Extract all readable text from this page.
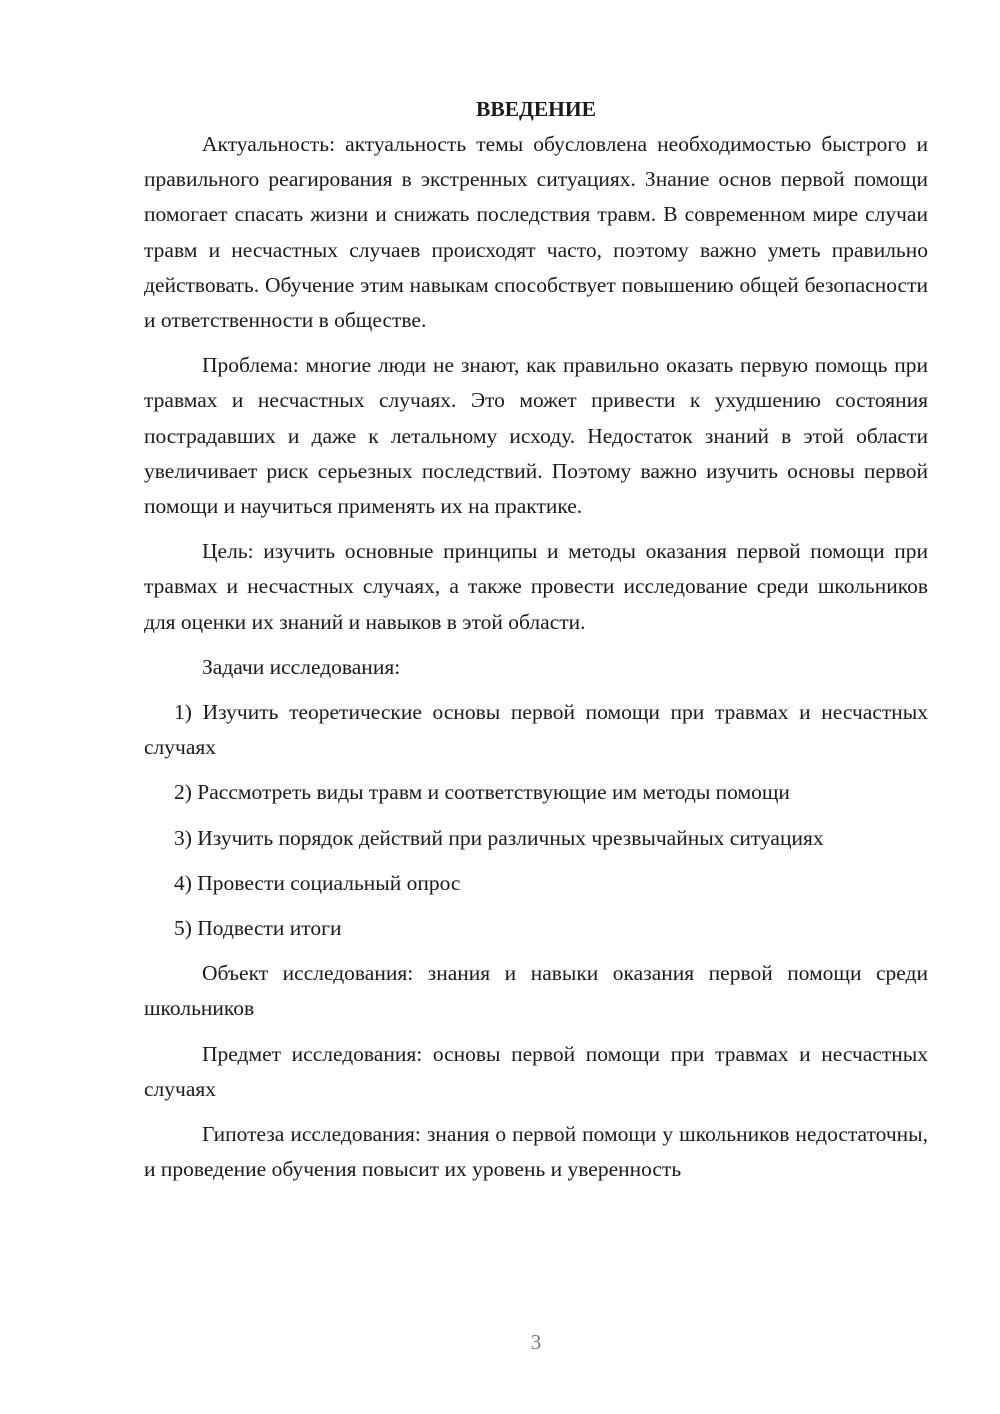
ВВЕДЕНИЕ

Актуальность: актуальность темы обусловлена необходимостью быстрого и правильного реагирования в экстренных ситуациях. Знание основ первой помощи помогает спасать жизни и снижать последствия травм. В современном мире случаи травм и несчастных случаев происходят часто, поэтому важно уметь правильно действовать. Обучение этим навыкам способствует повышению общей безопасности и ответственности в обществе.

Проблема: многие люди не знают, как правильно оказать первую помощь при травмах и несчастных случаях. Это может привести к ухудшению состояния пострадавших и даже к летальному исходу. Недостаток знаний в этой области увеличивает риск серьезных последствий. Поэтому важно изучить основы первой помощи и научиться применять их на практике.

Цель: изучить основные принципы и методы оказания первой помощи при травмах и несчастных случаях, а также провести исследование среди школьников для оценки их знаний и навыков в этой области.

Задачи исследования:

1) Изучить теоретические основы первой помощи при травмах и несчастных случаях

2) Рассмотреть виды травм и соответствующие им методы помощи

3) Изучить порядок действий при различных чрезвычайных ситуациях

4) Провести социальный опрос

5) Подвести итоги

Объект исследования: знания и навыки оказания первой помощи среди школьников

Предмет исследования: основы первой помощи при травмах и несчастных случаях

Гипотеза исследования: знания о первой помощи у школьников недостаточны, и проведение обучения повысит их уровень и уверенность

3
